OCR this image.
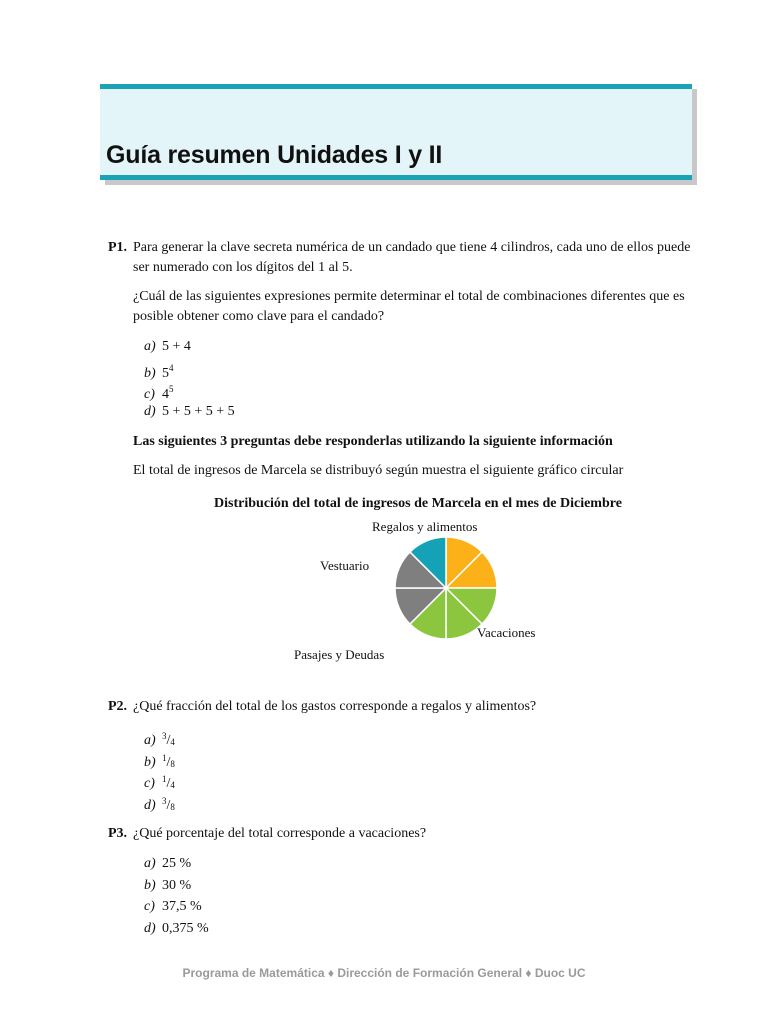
Guía resumen Unidades I y II
P1. Para generar la clave secreta numérica de un candado que tiene 4 cilindros, cada uno de ellos puede ser numerado con los dígitos del 1 al 5.

¿Cuál de las siguientes expresiones permite determinar el total de combinaciones diferentes que es posible obtener como clave para el candado?

a) 5 + 4
b) $5^4$
c) $4^5$
d) 5 + 5 + 5 + 5

Las siguientes 3 preguntas debe responderlas utilizando la siguiente información

El total de ingresos de Marcela se distribuyó según muestra el siguiente gráfico circular

Distribución del total de ingresos de Marcela en el mes de Diciembre

Regalos y alimentos
Vacaciones
Pasajes y Deudas
Vestuario
P2. ¿Qué fracción del total de los gastos corresponde a regalos y alimentos?

a) $^3/_4$
b) $^1/_8$
c) $^1/_4$
d) $^3/_8$
P3. ¿Qué porcentaje del total corresponde a vacaciones?

a) 25 %
b) 30 %
c) 37,5 %
d) 0,375 %
Programa de Matemática ♦ Dirección de Formación General ♦ Duoc UC
